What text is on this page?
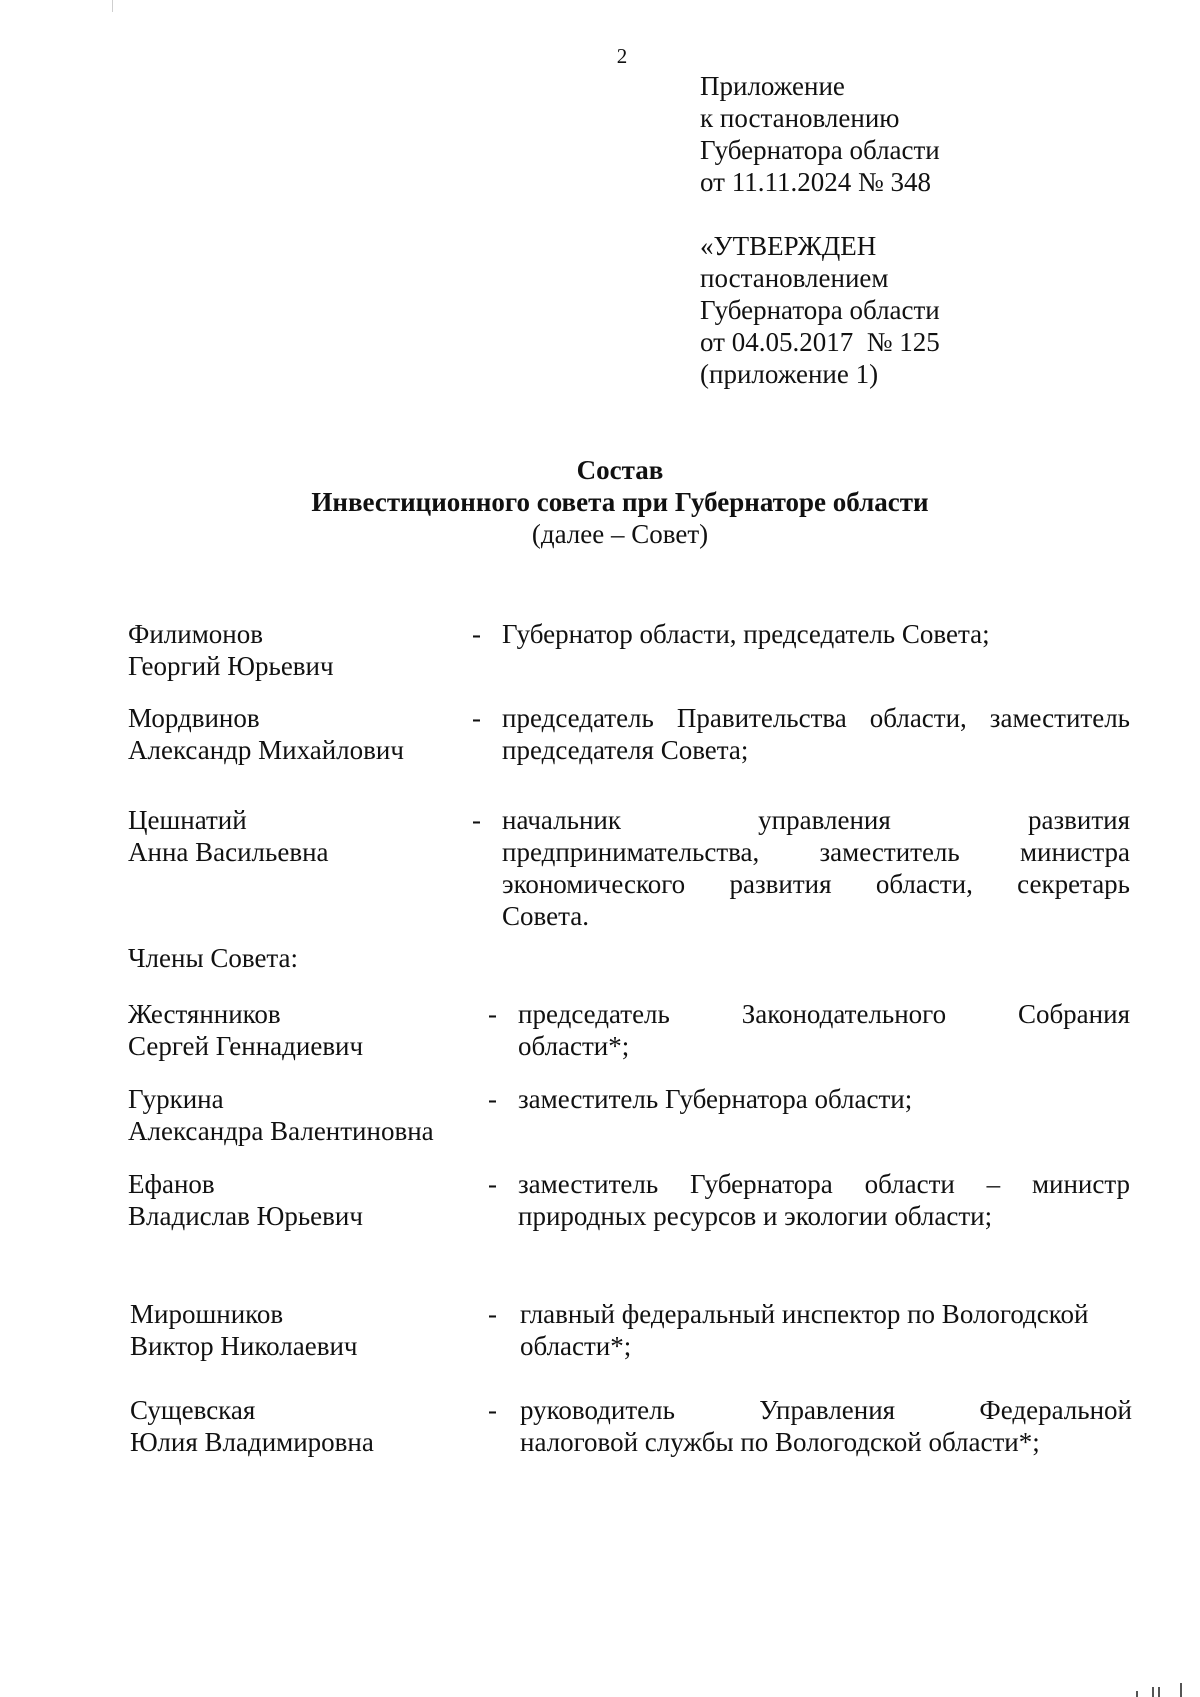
2
Приложение
к постановлению
Губернатора области
от 11.11.2024 № 348
«УТВЕРЖДЕН
постановлением
Губернатора области
от 04.05.2017  № 125
(приложение 1)
Состав
Инвестиционного совета при Губернаторе области
(далее – Совет)
Филимонов
Георгий Юрьевич
- Губернатор области, председатель Совета;
Мордвинов
Александр Михайлович
- председатель Правительства области, заместитель
председателя Совета;
Цешнатий
Анна Васильевна
- начальник	управления	развития
предпринимательства, заместитель министра
экономического развития области, секретарь
Совета.
Члены Совета:
Жестянников
Сергей Геннадиевич
- председатель Законодательного Собрания
области*;
Гуркина
Александра Валентиновна
- заместитель Губернатора области;
Ефанов
Владислав Юрьевич
- заместитель Губернатора области – министр
природных ресурсов и экологии области;
Мирошников
Виктор Николаевич
- главный федеральный инспектор по Вологодской
области*;
Сущевская
Юлия Владимировна
- руководитель Управления Федеральной
налоговой службы по Вологодской области*;
